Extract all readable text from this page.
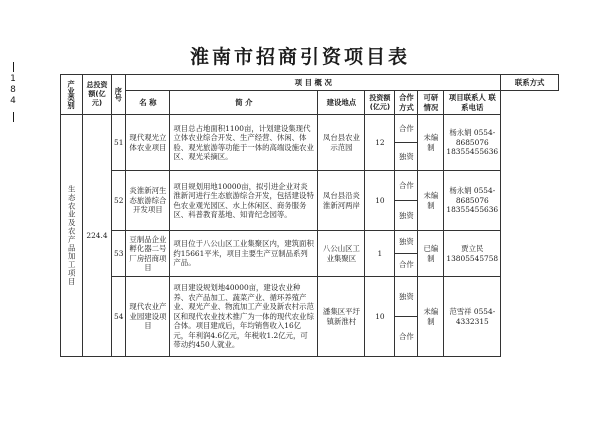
184
淮南市招商引资项目表
产业类别	总投资额(亿元)	序号	项 目 概 况							联系方式
			名 称	简 介	建设地点	投资额(亿元)	合作方式	可研情况	项目联系人 联系电话	

生态农业及农产品加工项目	224.4	51	现代观光立体农业项目	项目总占地面积1100亩，计划建设集现代立体农业综合开发、生产经营、休闲、体验、观光旅游等功能于一体的高端设施农业区、观光采摘区。	凤台县农业示范园	12	合作	未编制	杨永娟 0554-8685076 18355455636	
							独资			
		52	炎淮新河生态旅游综合开发项目	项目规划用地10000亩，拟引进企业对炎淮新河进行生态旅游综合开发，包括建设特色农业观光园区、水上休闲区、商务服务区、科普教育基地、知青纪念园等。	凤台县沿炎淮新河两岸	10	合作	未编制	杨永娟 0554-8685076 18355455636	
							独资			
		53	豆制品企业孵化器二号厂房招商项目	项目位于八公山区工业集聚区内，建筑面积约15661平米，项目主要生产豆制品系列产品。	八公山区工业集聚区	1	独资	已编制	贾立民 13805545758	
							合作			
		54	现代农业产业园建设项目	项目建设规划地40000亩，建设农业种养、农产品加工、蔬菜产业、循环养殖产业、观光产业、物流加工产业及新农村示范区和现代农业技术推广为一体的现代农业综合体。项目建成后，年均销售收入16亿元，年利润4.6亿元，年税收1.2亿元，可带动约450人就业。	潘集区平圩镇新淮村	10	独资	未编制	范雪祥 0554-4332315	
							合作			
